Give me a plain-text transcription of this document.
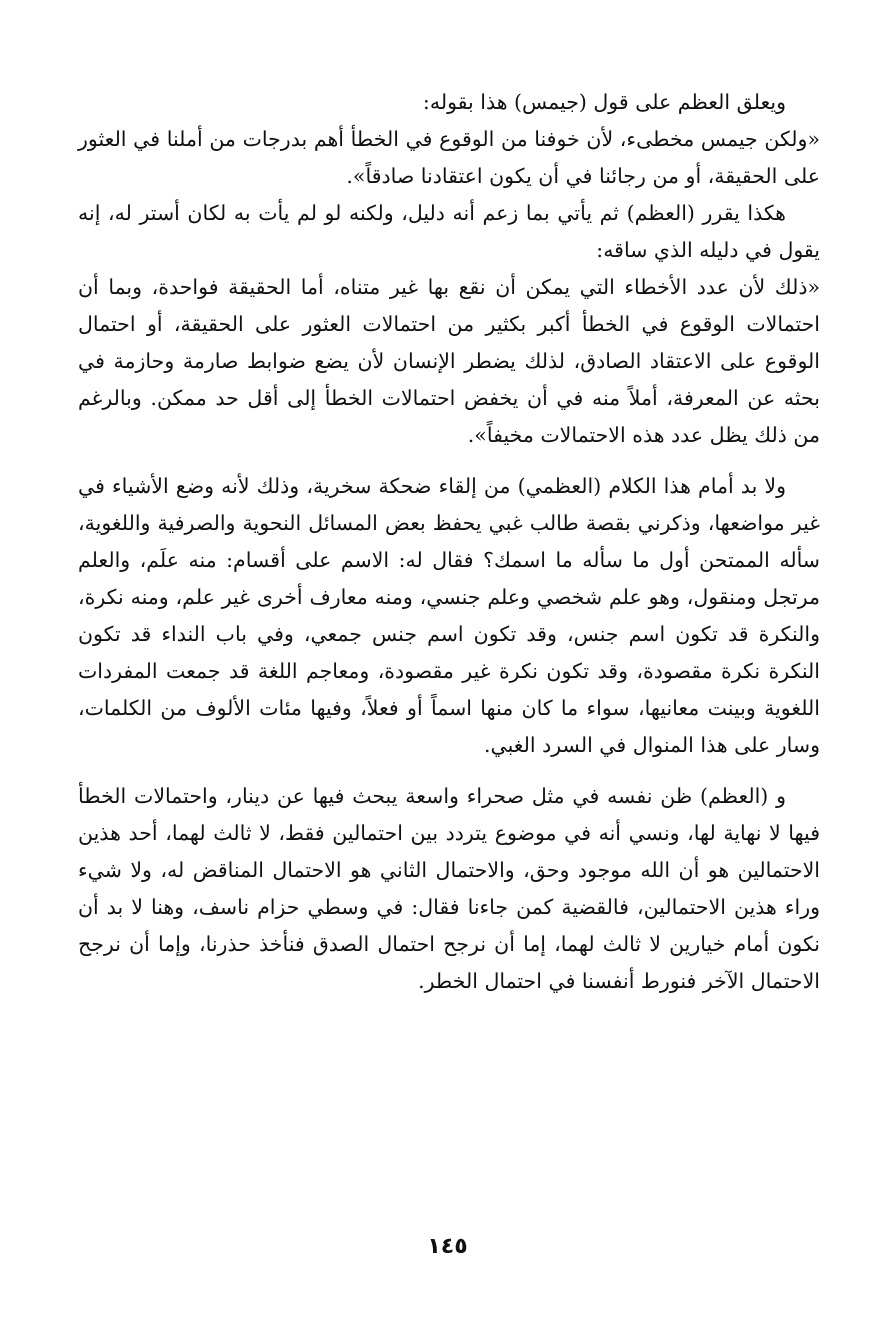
ويعلق العظم على قول (جيمس) هذا بقوله:

«ولكن جيمس مخطىء، لأن خوفنا من الوقوع في الخطأ أهم بدرجات من أملنا في العثور على الحقيقة، أو من رجائنا في أن يكون اعتقادنا صادقاً».

هكذا يقرر (العظم) ثم يأتي بما زعم أنه دليل، ولكنه لو لم يأت به لكان أستر له، إنه يقول في دليله الذي ساقه:

«ذلك لأن عدد الأخطاء التي يمكن أن نقع بها غير متناه، أما الحقيقة فواحدة، وبما أن احتمالات الوقوع في الخطأ أكبر بكثير من احتمالات العثور على الحقيقة، أو احتمال الوقوع على الاعتقاد الصادق، لذلك يضطر الإنسان لأن يضع ضوابط صارمة وحازمة في بحثه عن المعرفة، أملاً منه في أن يخفض احتمالات الخطأ إلى أقل حد ممكن. وبالرغم من ذلك يظل عدد هذه الاحتمالات مخيفاً».

ولا بد أمام هذا الكلام (العظمي) من إلقاء ضحكة سخرية، وذلك لأنه وضع الأشياء في غير مواضعها، وذكرني بقصة طالب غبي يحفظ بعض المسائل النحوية والصرفية واللغوية، سأله الممتحن أول ما سأله ما اسمك؟ فقال له: الاسم على أقسام: منه علَم، والعلم مرتجل ومنقول، وهو علم شخصي وعلم جنسي، ومنه معارف أخرى غير علم، ومنه نكرة، والنكرة قد تكون اسم جنس، وقد تكون اسم جنس جمعي، وفي باب النداء قد تكون النكرة نكرة مقصودة، وقد تكون نكرة غير مقصودة، ومعاجم اللغة قد جمعت المفردات اللغوية وبينت معانيها، سواء ما كان منها اسماً أو فعلاً، وفيها مئات الألوف من الكلمات، وسار على هذا المنوال في السرد الغبي.

و (العظم) ظن نفسه في مثل صحراء واسعة يبحث فيها عن دينار، واحتمالات الخطأ فيها لا نهاية لها، ونسي أنه في موضوع يتردد بين احتمالين فقط، لا ثالث لهما، أحد هذين الاحتمالين هو أن الله موجود وحق، والاحتمال الثاني هو الاحتمال المناقض له، ولا شيء وراء هذين الاحتمالين، فالقضية كمن جاءنا فقال: في وسطي حزام ناسف، وهنا لا بد أن نكون أمام خيارين لا ثالث لهما، إما أن نرجح احتمال الصدق فنأخذ حذرنا، وإما أن نرجح الاحتمال الآخر فنورط أنفسنا في احتمال الخطر.

١٤٥
